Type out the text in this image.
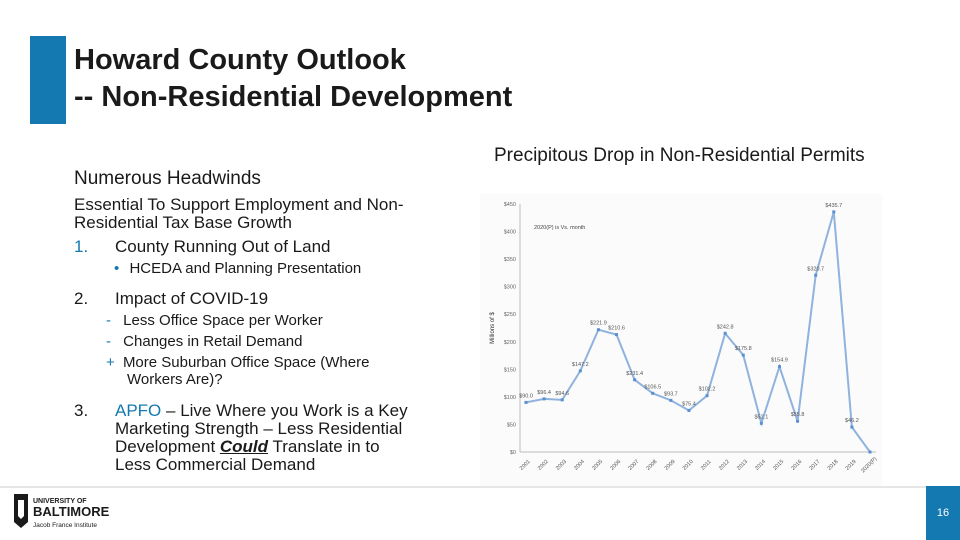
Howard County Outlook
-- Non-Residential Development
Numerous Headwinds
Precipitous Drop in Non-Residential Permits
Essential To Support Employment and Non-
Residential Tax Base Growth
1. County Running Out of Land
• HCEDA and Planning Presentation
2. Impact of COVID-19
- Less Office Space per Worker
- Changes in Retail Demand
+ More Suburban Office Space (Where
Workers Are)?
3. APFO – Live Where you Work is a Key
Marketing Strength – Less Residential
Development Could Translate in to
Less Commercial Demand
$0
$50
$100
$150
$200
$250
$300
$350
$400
$450
Millions of $
2020(P) is Vs. month
2001 2002 2003 2004 2005 2006 2007 2008 2009 2010 2011 2012 2013 2014 2015 2016 2017 2018 2019 2020(P)
$90.0
$96.4 $94.6
$147.2
$221.9
$210.6
$231.4
$106.5
$93.7
$75.4
$102.2
$242.8
$175.8
$52.1
$154.9
$55.8
$320.7
$435.7
$46.2
UNIVERSITY OF
BALTIMORE
Jacob France Institute
16
